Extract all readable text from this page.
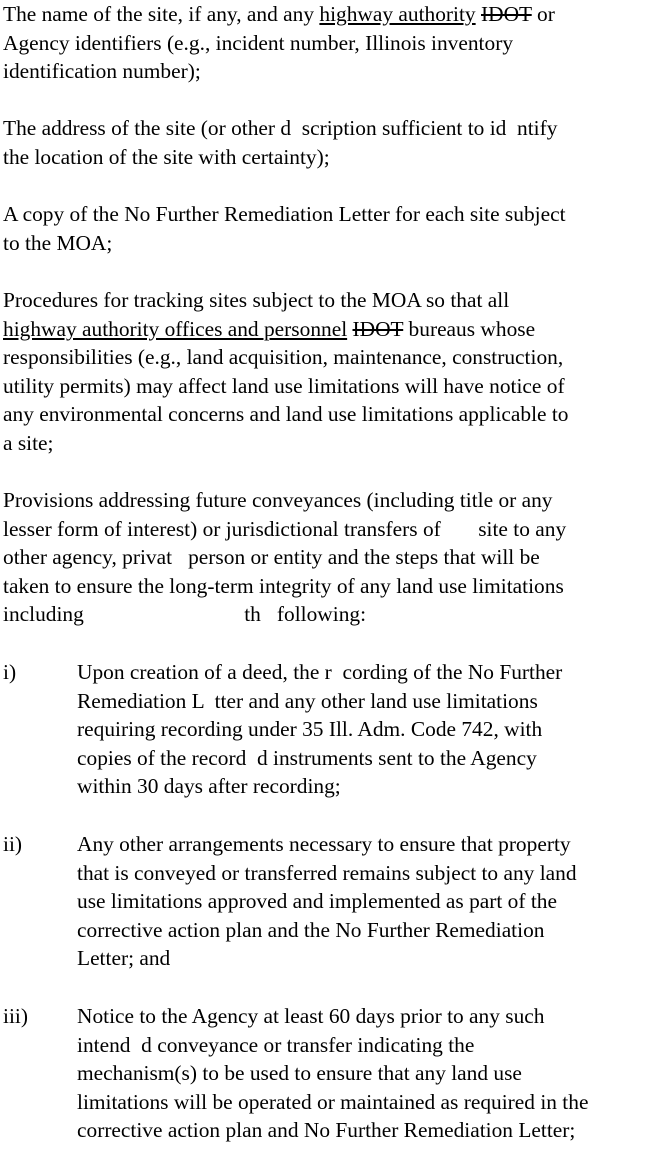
The name of the site, if any, and any highway authority IDOT or
Agency identifiers (e.g., incident number, Illinois inventory
identification number);
The address of the site (or other d  scription sufficient to id  ntify
the location of the site with certainty);
A copy of the No Further Remediation Letter for each site subject
to the MOA;
Procedures for tracking sites subject to the MOA so that all
highway authority offices and personnel IDOT bureaus whose
responsibilities (e.g., land acquisition, maintenance, construction,
utility permits) may affect land use limitations will have notice of
any environmental concerns and land use limitations applicable to
a site;
Provisions addressing future conveyances (including title or any
lesser form of interest) or jurisdictional transfers of       site to any
other agency, privat   person or entity and the steps that will be
taken to ensure the long-term integrity of any land use limitations
including                              th   following:
i)	Upon creation of a deed, the r  cording of the No Further
Remediation L  tter and any other land use limitations
requiring recording under 35 Ill. Adm. Code 742, with
copies of the record  d instruments sent to the Agency
within 30 days after recording;
ii)	Any other arrangements necessary to ensure that property
that is conveyed or transferred remains subject to any land
use limitations approved and implemented as part of the
corrective action plan and the No Further Remediation
Letter; and
iii) Notice to the Agency at least 60 days prior to any such
intend  d conveyance or transfer indicating the
mechanism(s) to be used to ensure that any land use
limitations will be operated or maintained as required in the
corrective action plan and No Further Remediation Letter;
